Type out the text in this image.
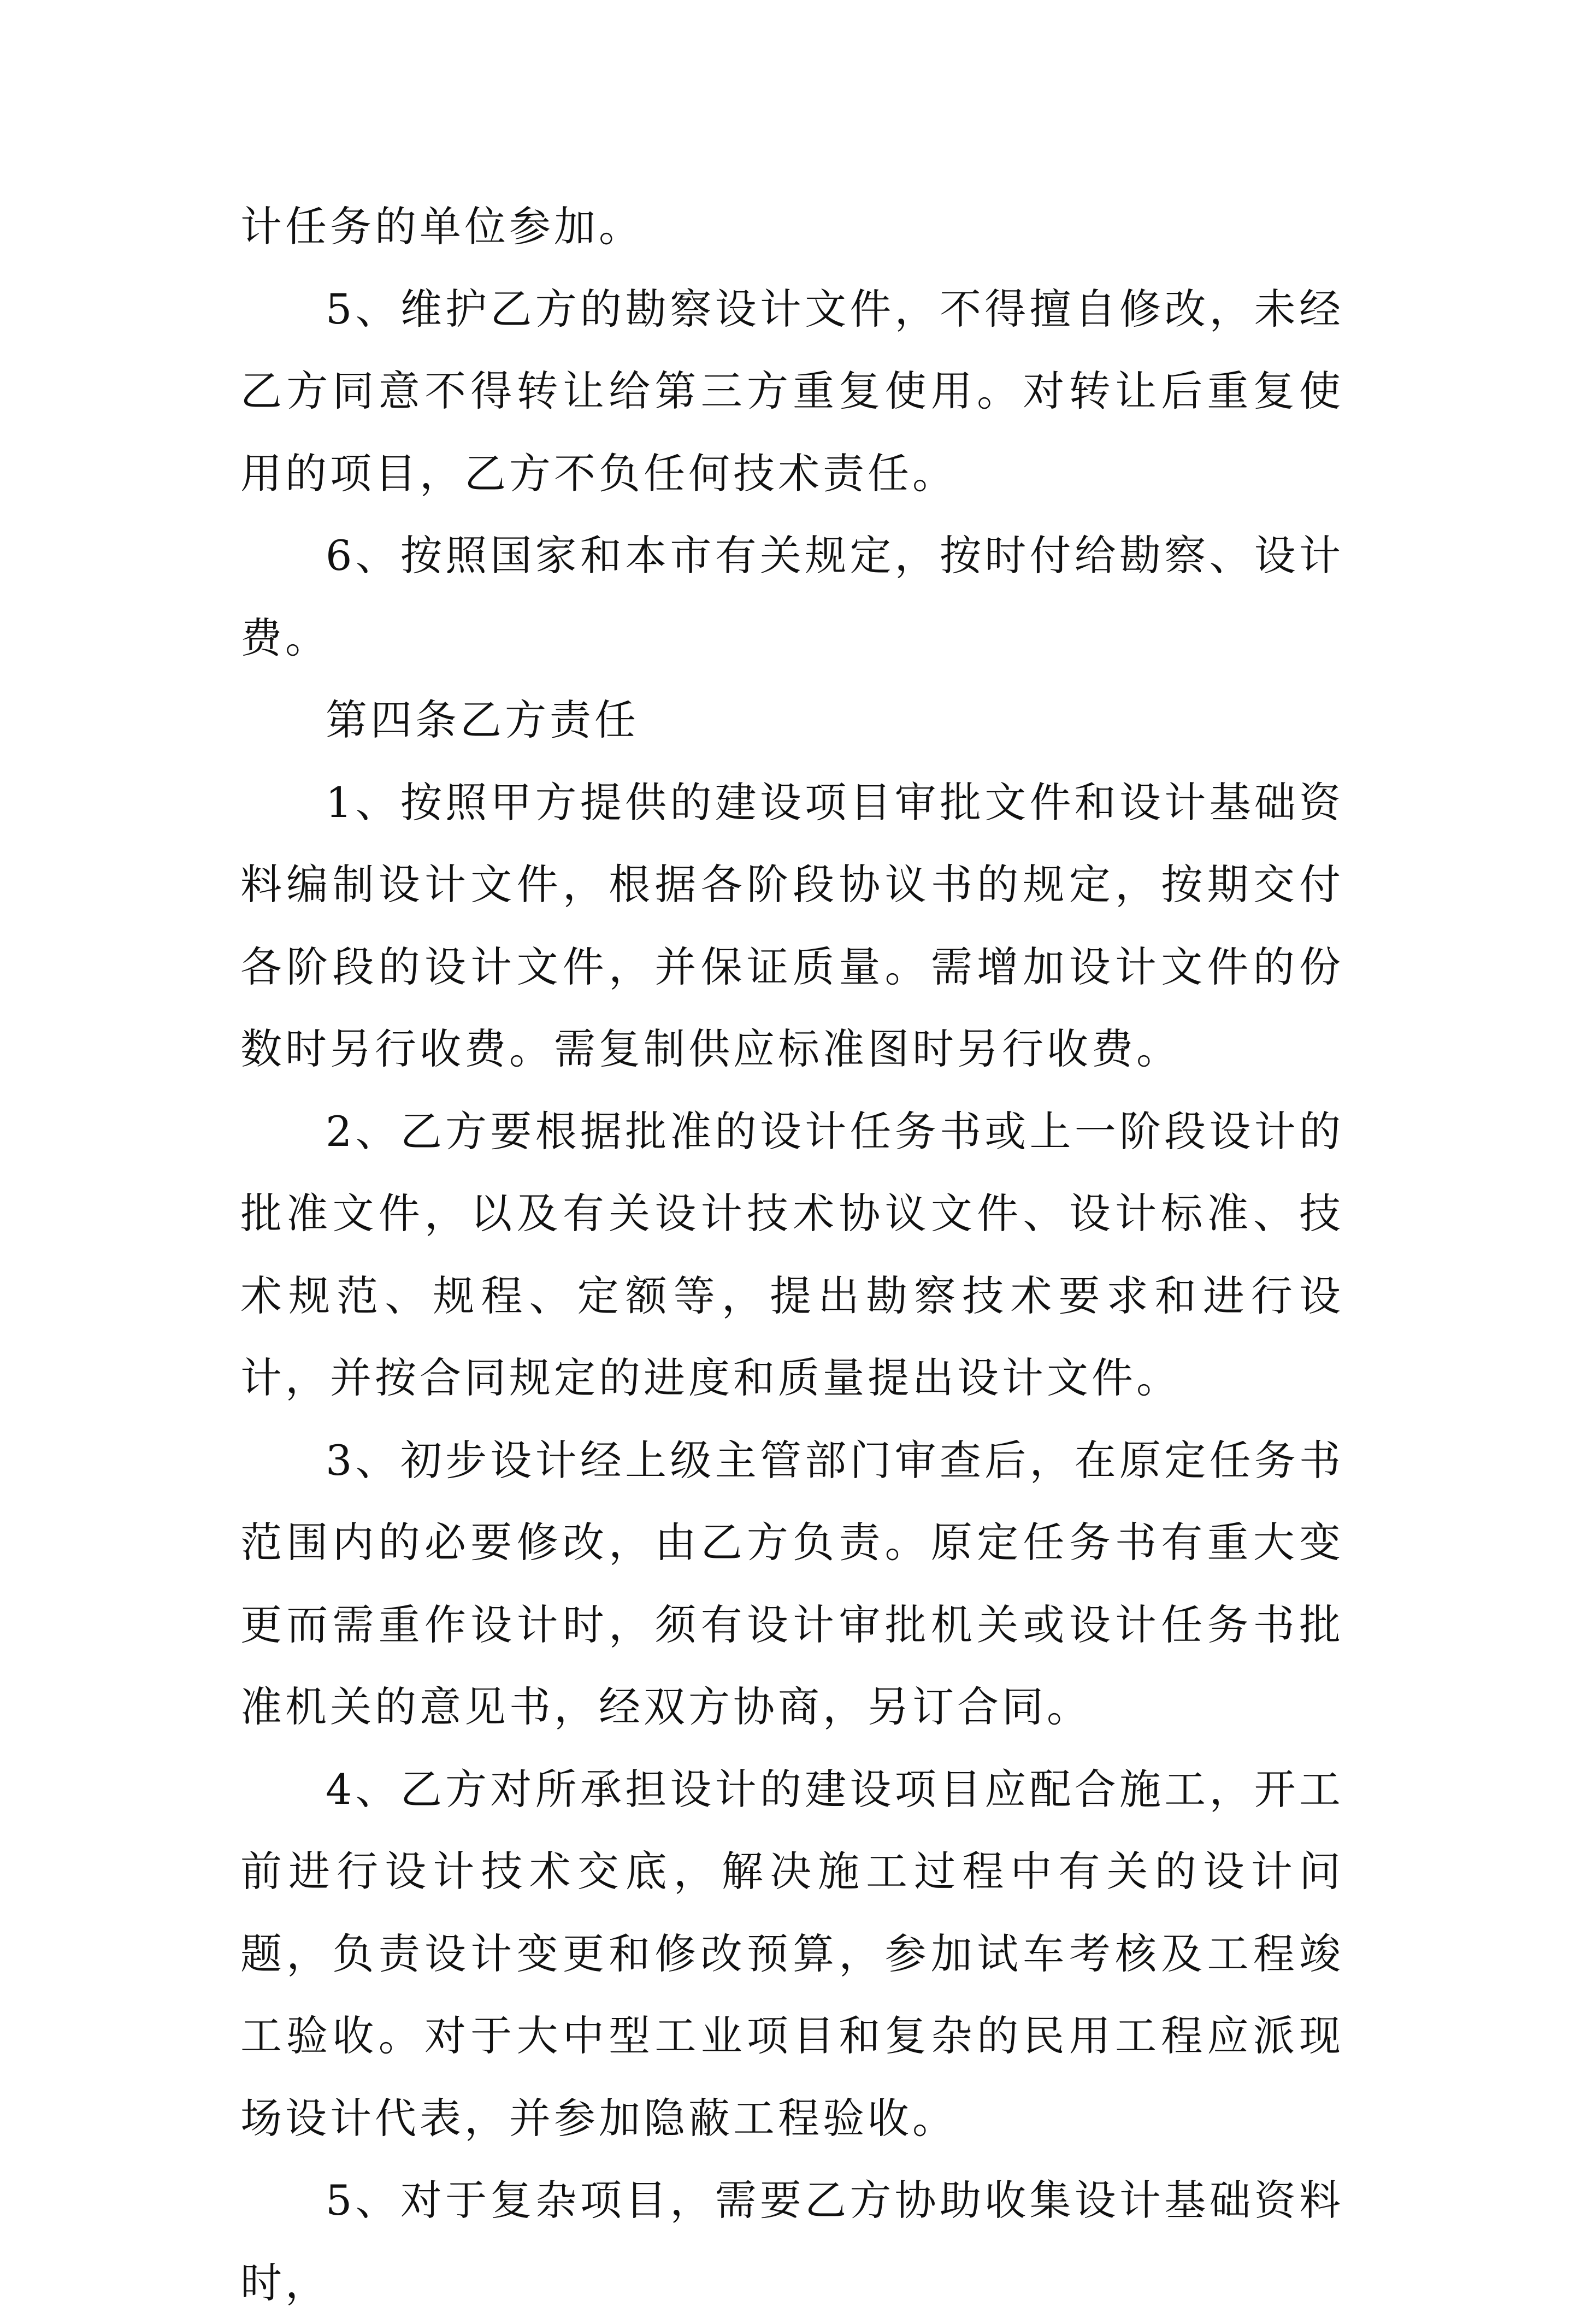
计任务的单位参加。

5、维护乙方的勘察设计文件，不得擅自修改，未经乙方同意不得转让给第三方重复使用。对转让后重复使用的项目，乙方不负任何技术责任。

6、按照国家和本市有关规定，按时付给勘察、设计费。

第四条乙方责任

1、按照甲方提供的建设项目审批文件和设计基础资料编制设计文件，根据各阶段协议书的规定，按期交付各阶段的设计文件，并保证质量。需增加设计文件的份数时另行收费。需复制供应标准图时另行收费。

2、乙方要根据批准的设计任务书或上一阶段设计的批准文件，以及有关设计技术协议文件、设计标准、技术规范、规程、定额等，提出勘察技术要求和进行设计，并按合同规定的进度和质量提出设计文件。

3、初步设计经上级主管部门审查后，在原定任务书范围内的必要修改，由乙方负责。原定任务书有重大变更而需重作设计时，须有设计审批机关或设计任务书批准机关的意见书，经双方协商，另订合同。

4、乙方对所承担设计的建设项目应配合施工，开工前进行设计技术交底，解决施工过程中有关的设计问题，负责设计变更和修改预算，参加试车考核及工程竣工验收。对于大中型工业项目和复杂的民用工程应派现场设计代表，并参加隐蔽工程验收。

5、对于复杂项目，需要乙方协助收集设计基础资料时，
